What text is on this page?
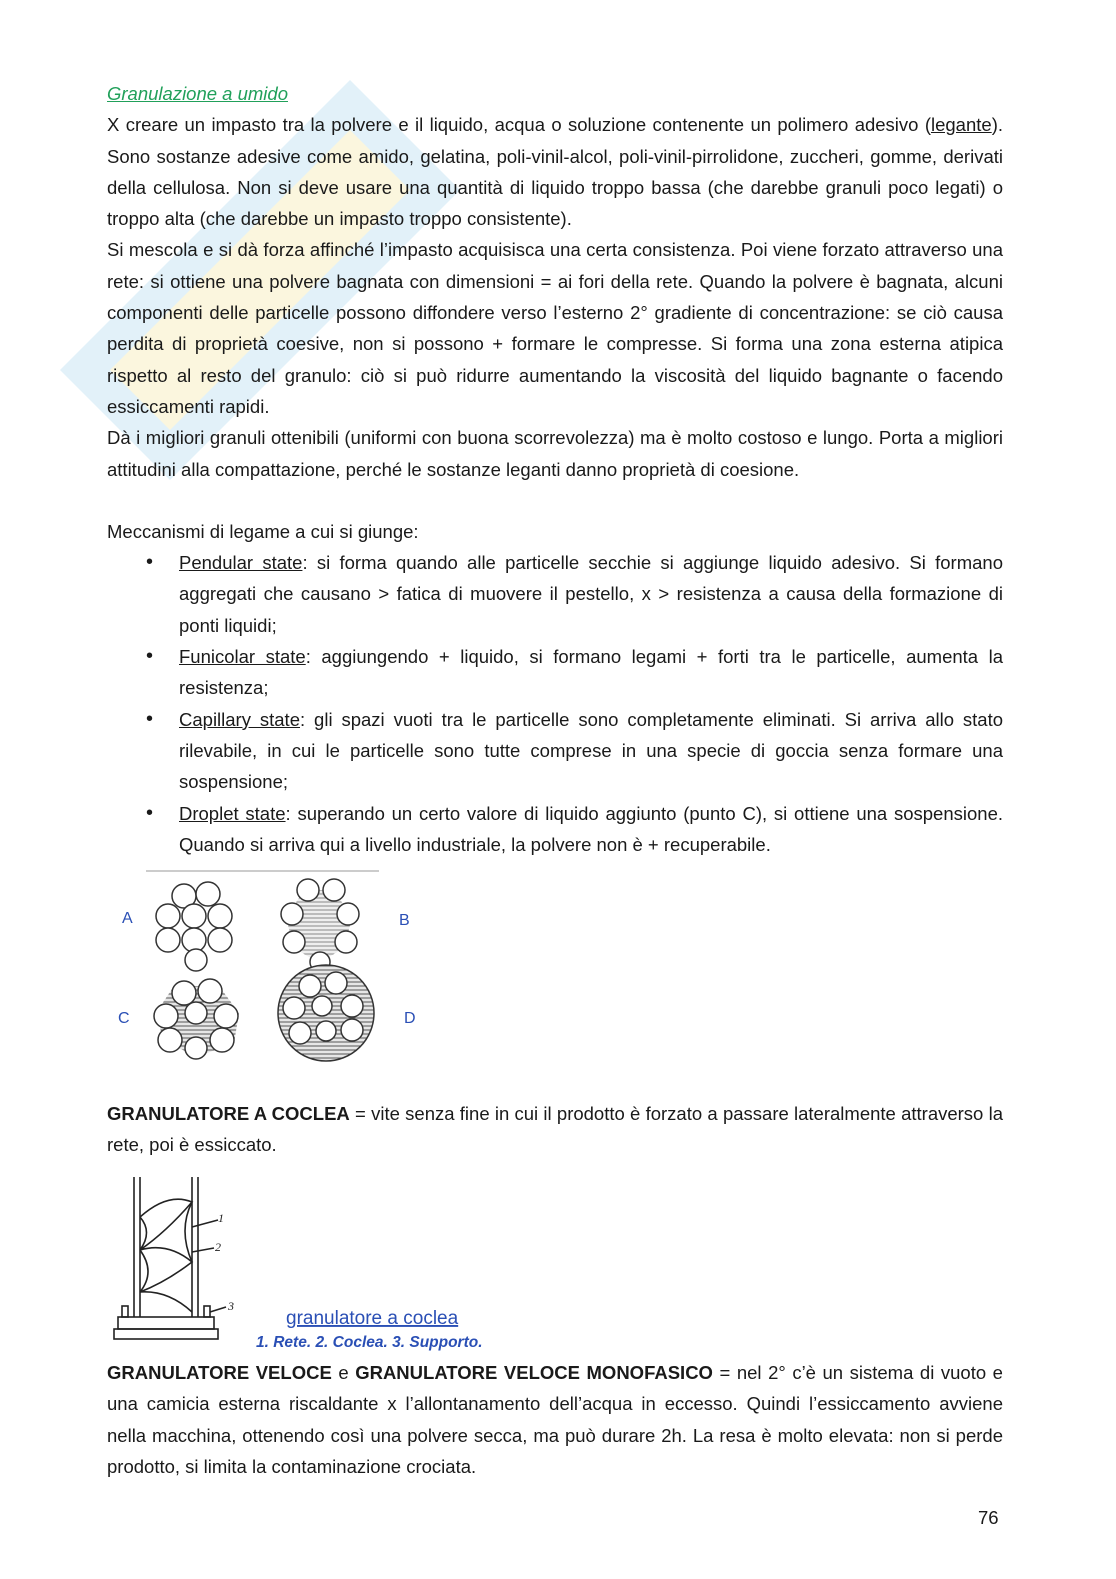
Granulazione a umido

X creare un impasto tra la polvere e il liquido, acqua o soluzione contenente un polimero adesivo (legante). Sono sostanze adesive come amido, gelatina, poli-vinil-alcol, poli-vinil-pirrolidone, zuccheri, gomme, derivati della cellulosa. Non si deve usare una quantità di liquido troppo bassa (che darebbe granuli poco legati) o troppo alta (che darebbe un impasto troppo consistente).

Si mescola e si dà forza affinché l’impasto acquisisca una certa consistenza. Poi viene forzato attraverso una rete: si ottiene una polvere bagnata con dimensioni = ai fori della rete. Quando la polvere è bagnata, alcuni componenti delle particelle possono diffondere verso l’esterno 2° gradiente di concentrazione: se ciò causa perdita di proprietà coesive, non si possono + formare le compresse. Si forma una zona esterna atipica rispetto al resto del granulo: ciò si può ridurre aumentando la viscosità del liquido bagnante o facendo essiccamenti rapidi.

Dà i migliori granuli ottenibili (uniformi con buona scorrevolezza) ma è molto costoso e lungo. Porta a migliori attitudini alla compattazione, perché le sostanze leganti danno proprietà di coesione.

Meccanismi di legame a cui si giunge:

• Pendular state: si forma quando alle particelle secchie si aggiunge liquido adesivo. Si formano aggregati che causano > fatica di muovere il pestello, x > resistenza a causa della formazione di ponti liquidi;
• Funicolar state: aggiungendo + liquido, si formano legami + forti tra le particelle, aumenta la resistenza;
• Capillary state: gli spazi vuoti tra le particelle sono completamente eliminati. Si arriva allo stato rilevabile, in cui le particelle sono tutte comprese in una specie di goccia senza formare una sospensione;
• Droplet state: superando un certo valore di liquido aggiunto (punto C), si ottiene una sospensione. Quando si arriva qui a livello industriale, la polvere non è + recuperabile.
A	B
C	D

GRANULATORE A COCLEA = vite senza fine in cui il prodotto è forzato a passare lateralmente attraverso la rete, poi è essiccato.

1
2
3
granulatore a coclea
1. Rete. 2. Coclea. 3. Supporto.

GRANULATORE VELOCE e GRANULATORE VELOCE MONOFASICO = nel 2° c’è un sistema di vuoto e una camicia esterna riscaldante x l’allontanamento dell’acqua in eccesso. Quindi l’essiccamento avviene nella macchina, ottenendo così una polvere secca, ma può durare 2h. La resa è molto elevata: non si perde prodotto, si limita la contaminazione crociata.

76
